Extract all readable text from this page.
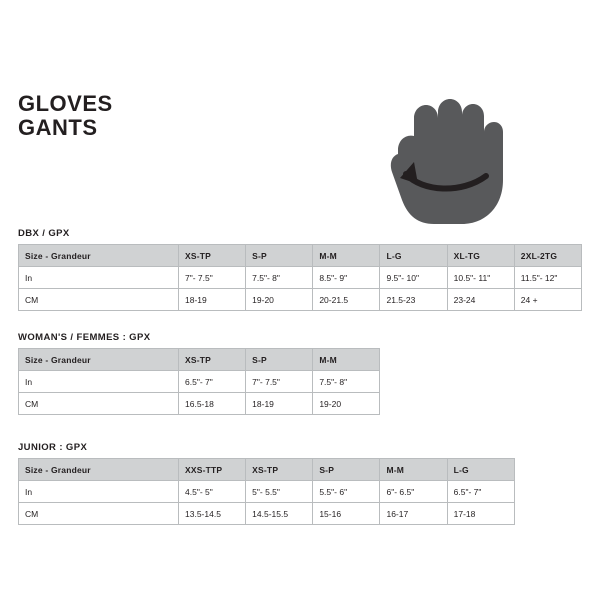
GLOVES
GANTS
DBX / GPX
Size - Grandeur	XS-TP	S-P	M-M	L-G	XL-TG	2XL-2TG
In	7"- 7.5"	7.5"- 8"	8.5"- 9"	9.5"- 10"	10.5"- 11"	11.5"- 12"
CM	18-19	19-20	20-21.5	21.5-23	23-24	24 +
WOMAN'S / FEMMES : GPX
Size - Grandeur	XS-TP	S-P	M-M			
In	6.5"- 7"	7"- 7.5"	7.5"- 8"			
CM	16.5-18	18-19	19-20			
JUNIOR : GPX
Size - Grandeur	XXS-TTP	XS-TP	S-P	M-M	L-G	
In	4.5"- 5"	5"- 5.5"	5.5"- 6"	6"- 6.5"	6.5"- 7"	
CM	13.5-14.5	14.5-15.5	15-16	16-17	17-18	
